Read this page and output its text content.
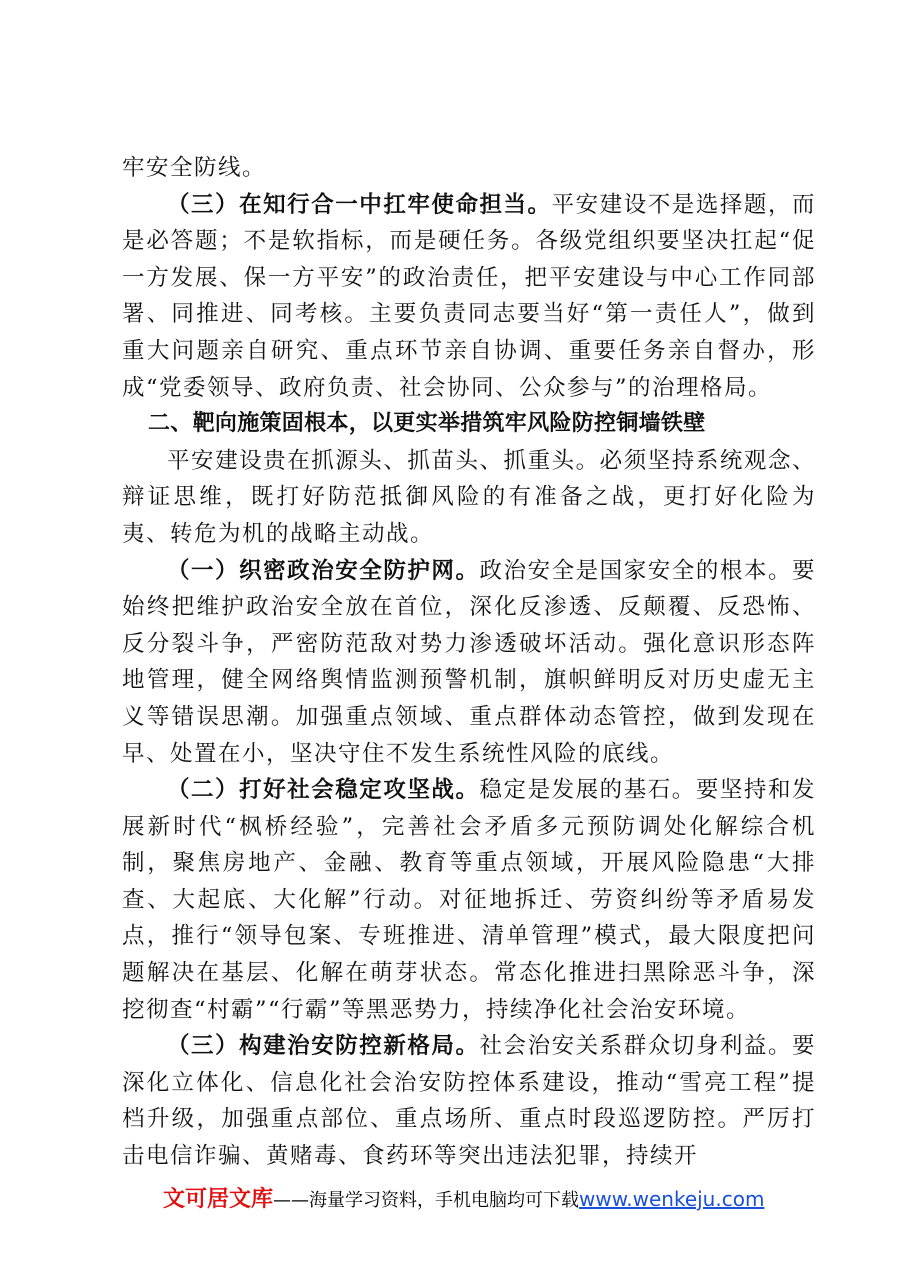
牢安全防线。

（三）在知行合一中扛牢使命担当。平安建设不是选择题，而是必答题；不是软指标，而是硬任务。各级党组织要坚决扛起“促一方发展、保一方平安”的政治责任，把平安建设与中心工作同部署、同推进、同考核。主要负责同志要当好“第一责任人”，做到重大问题亲自研究、重点环节亲自协调、重要任务亲自督办，形成“党委领导、政府负责、社会协同、公众参与”的治理格局。

二、靶向施策固根本，以更实举措筑牢风险防控铜墙铁壁

平安建设贵在抓源头、抓苗头、抓重头。必须坚持系统观念、辩证思维，既打好防范抵御风险的有准备之战，更打好化险为夷、转危为机的战略主动战。

（一）织密政治安全防护网。政治安全是国家安全的根本。要始终把维护政治安全放在首位，深化反渗透、反颠覆、反恐怖、反分裂斗争，严密防范敌对势力渗透破坏活动。强化意识形态阵地管理，健全网络舆情监测预警机制，旗帜鲜明反对历史虚无主义等错误思潮。加强重点领域、重点群体动态管控，做到发现在早、处置在小，坚决守住不发生系统性风险的底线。

（二）打好社会稳定攻坚战。稳定是发展的基石。要坚持和发展新时代“枫桥经验”，完善社会矛盾多元预防调处化解综合机制，聚焦房地产、金融、教育等重点领域，开展风险隐患“大排查、大起底、大化解”行动。对征地拆迁、劳资纠纷等矛盾易发点，推行“领导包案、专班推进、清单管理”模式，最大限度把问题解决在基层、化解在萌芽状态。常态化推进扫黑除恶斗争，深挖彻查“村霸”“行霸”等黑恶势力，持续净化社会治安环境。

（三）构建治安防控新格局。社会治安关系群众切身利益。要深化立体化、信息化社会治安防控体系建设，推动“雪亮工程”提档升级，加强重点部位、重点场所、重点时段巡逻防控。严厉打击电信诈骗、黄赌毒、食药环等突出违法犯罪，持续开

文可居文库——海量学习资料，手机电脑均可下载www.wenkeju.com
